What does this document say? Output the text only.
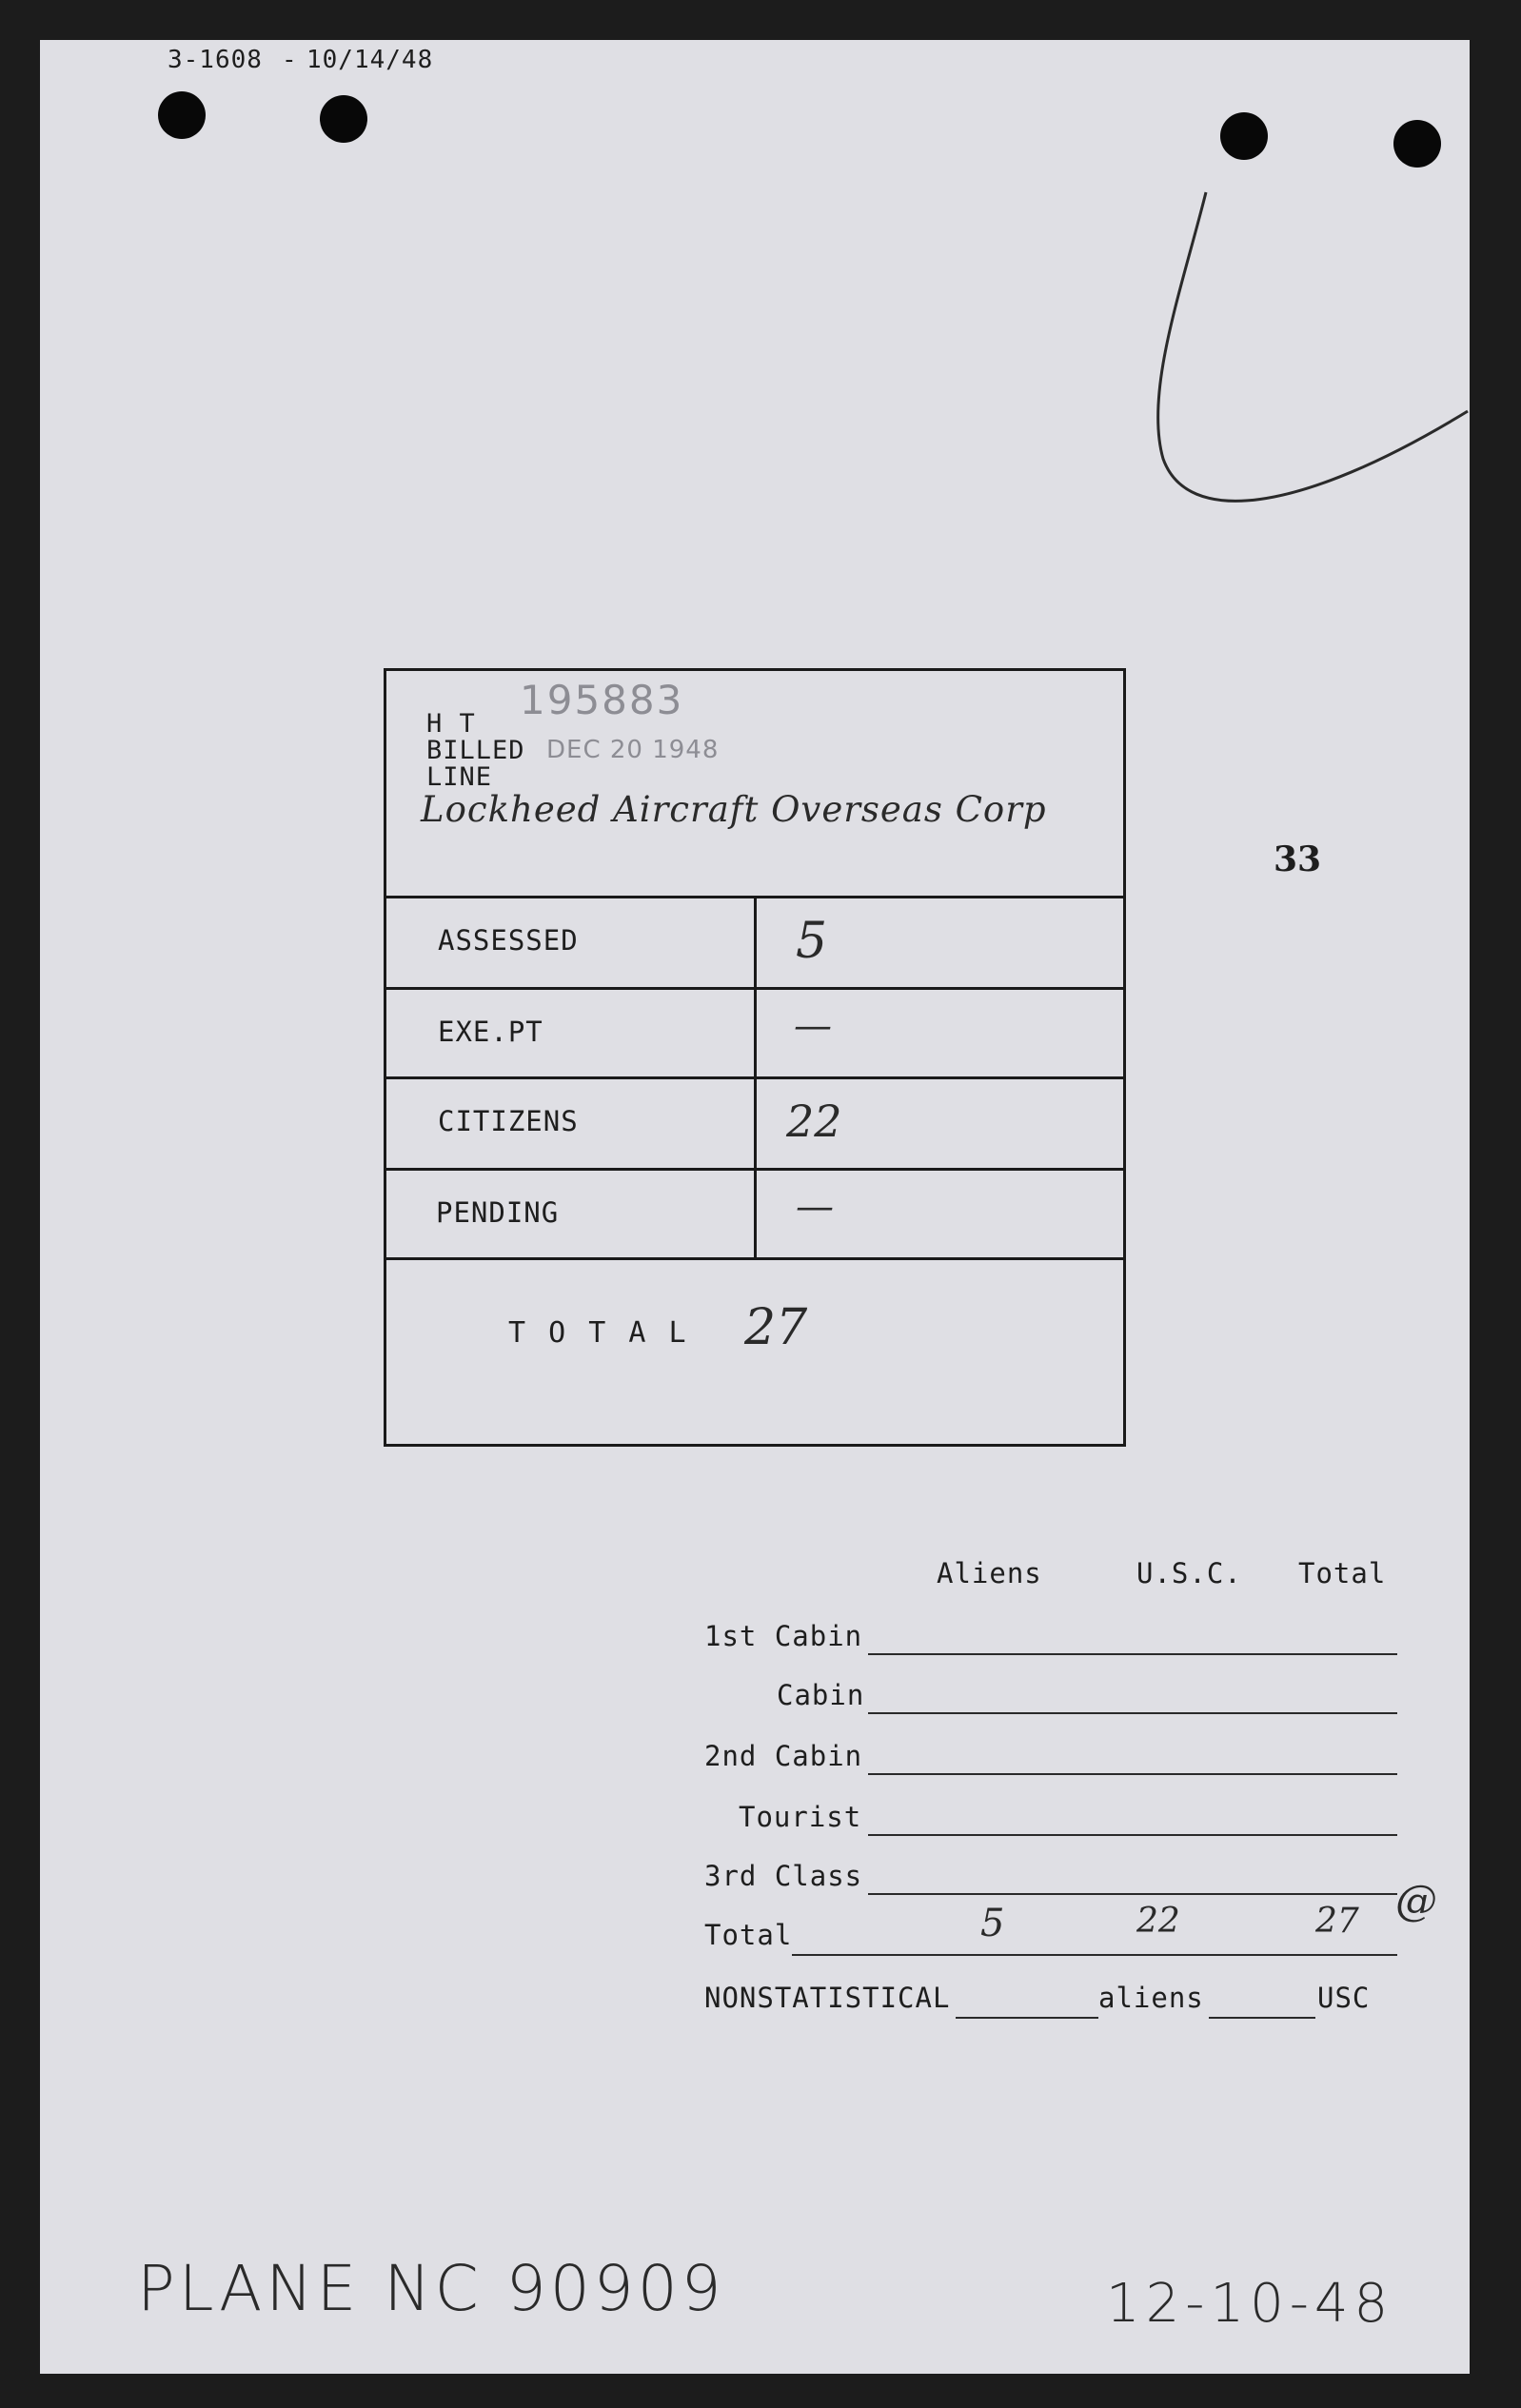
3-1608 - 10/14/48
195883
H T
BILLED DEC 20 1948
LINE
Lockheed Aircraft Overseas Corp
ASSESSED	5
EXE.PT	—
CITIZENS	22
PENDING	—
T O T A L 27
33
Aliens	U.S.C. Total
1st Cabin
Cabin
2nd Cabin
Tourist
3rd Class
@
Total	5	22	27
NONSTATISTICAL	aliens	USC
PLANE NC 90909	12-10-48
